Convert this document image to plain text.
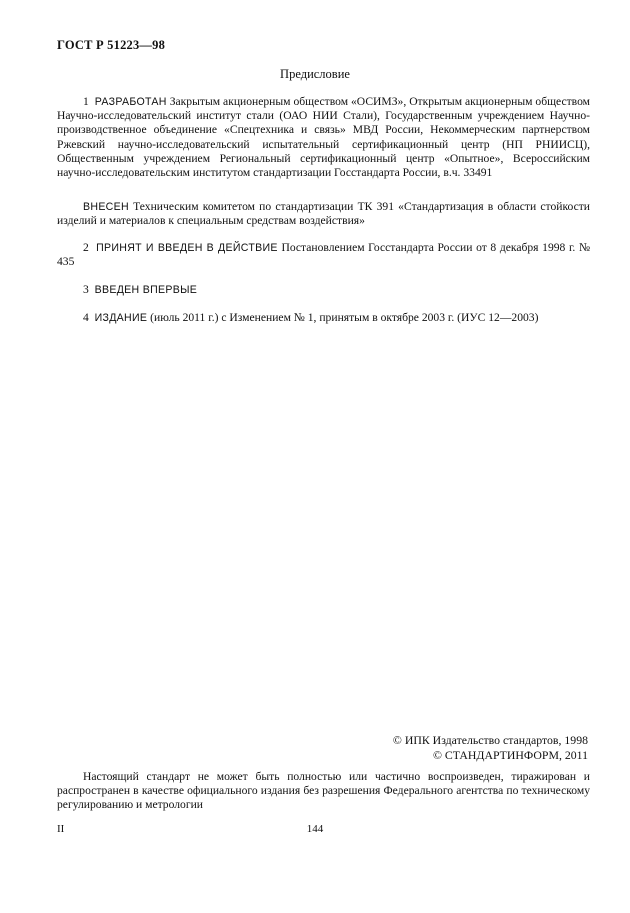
ГОСТ Р 51223—98
Предисловие

1 РАЗРАБОТАН Закрытым акционерным обществом «ОСИМЗ», Открытым акционерным обществом Научно-исследовательский институт стали (ОАО НИИ Стали), Государственным учреждением Научно-производственное объединение «Спецтехника и связь» МВД России, Некоммерческим партнерством Ржевский научно-исследовательский испытательный сертификационный центр (НП РНИИСЦ), Общественным учреждением Региональный сертификационный центр «Опытное», Всероссийским научно-исследовательским институтом стандартизации Госстандарта России, в.ч. 33491

ВНЕСЕН Техническим комитетом по стандартизации ТК 391 «Стандартизация в области стойкости изделий и материалов к специальным средствам воздействия»

2 ПРИНЯТ И ВВЕДЕН В ДЕЙСТВИЕ Постановлением Госстандарта России от 8 декабря 1998 г. № 435

3 ВВЕДЕН ВПЕРВЫЕ

4 ИЗДАНИЕ (июль 2011 г.) с Изменением № 1, принятым в октябре 2003 г. (ИУС 12—2003)

© ИПК Издательство стандартов, 1998
© СТАНДАРТИНФОРМ, 2011

Настоящий стандарт не может быть полностью или частично воспроизведен, тиражирован и распространен в качестве официального издания без разрешения Федерального агентства по техническому регулированию и метрологии

II	144
